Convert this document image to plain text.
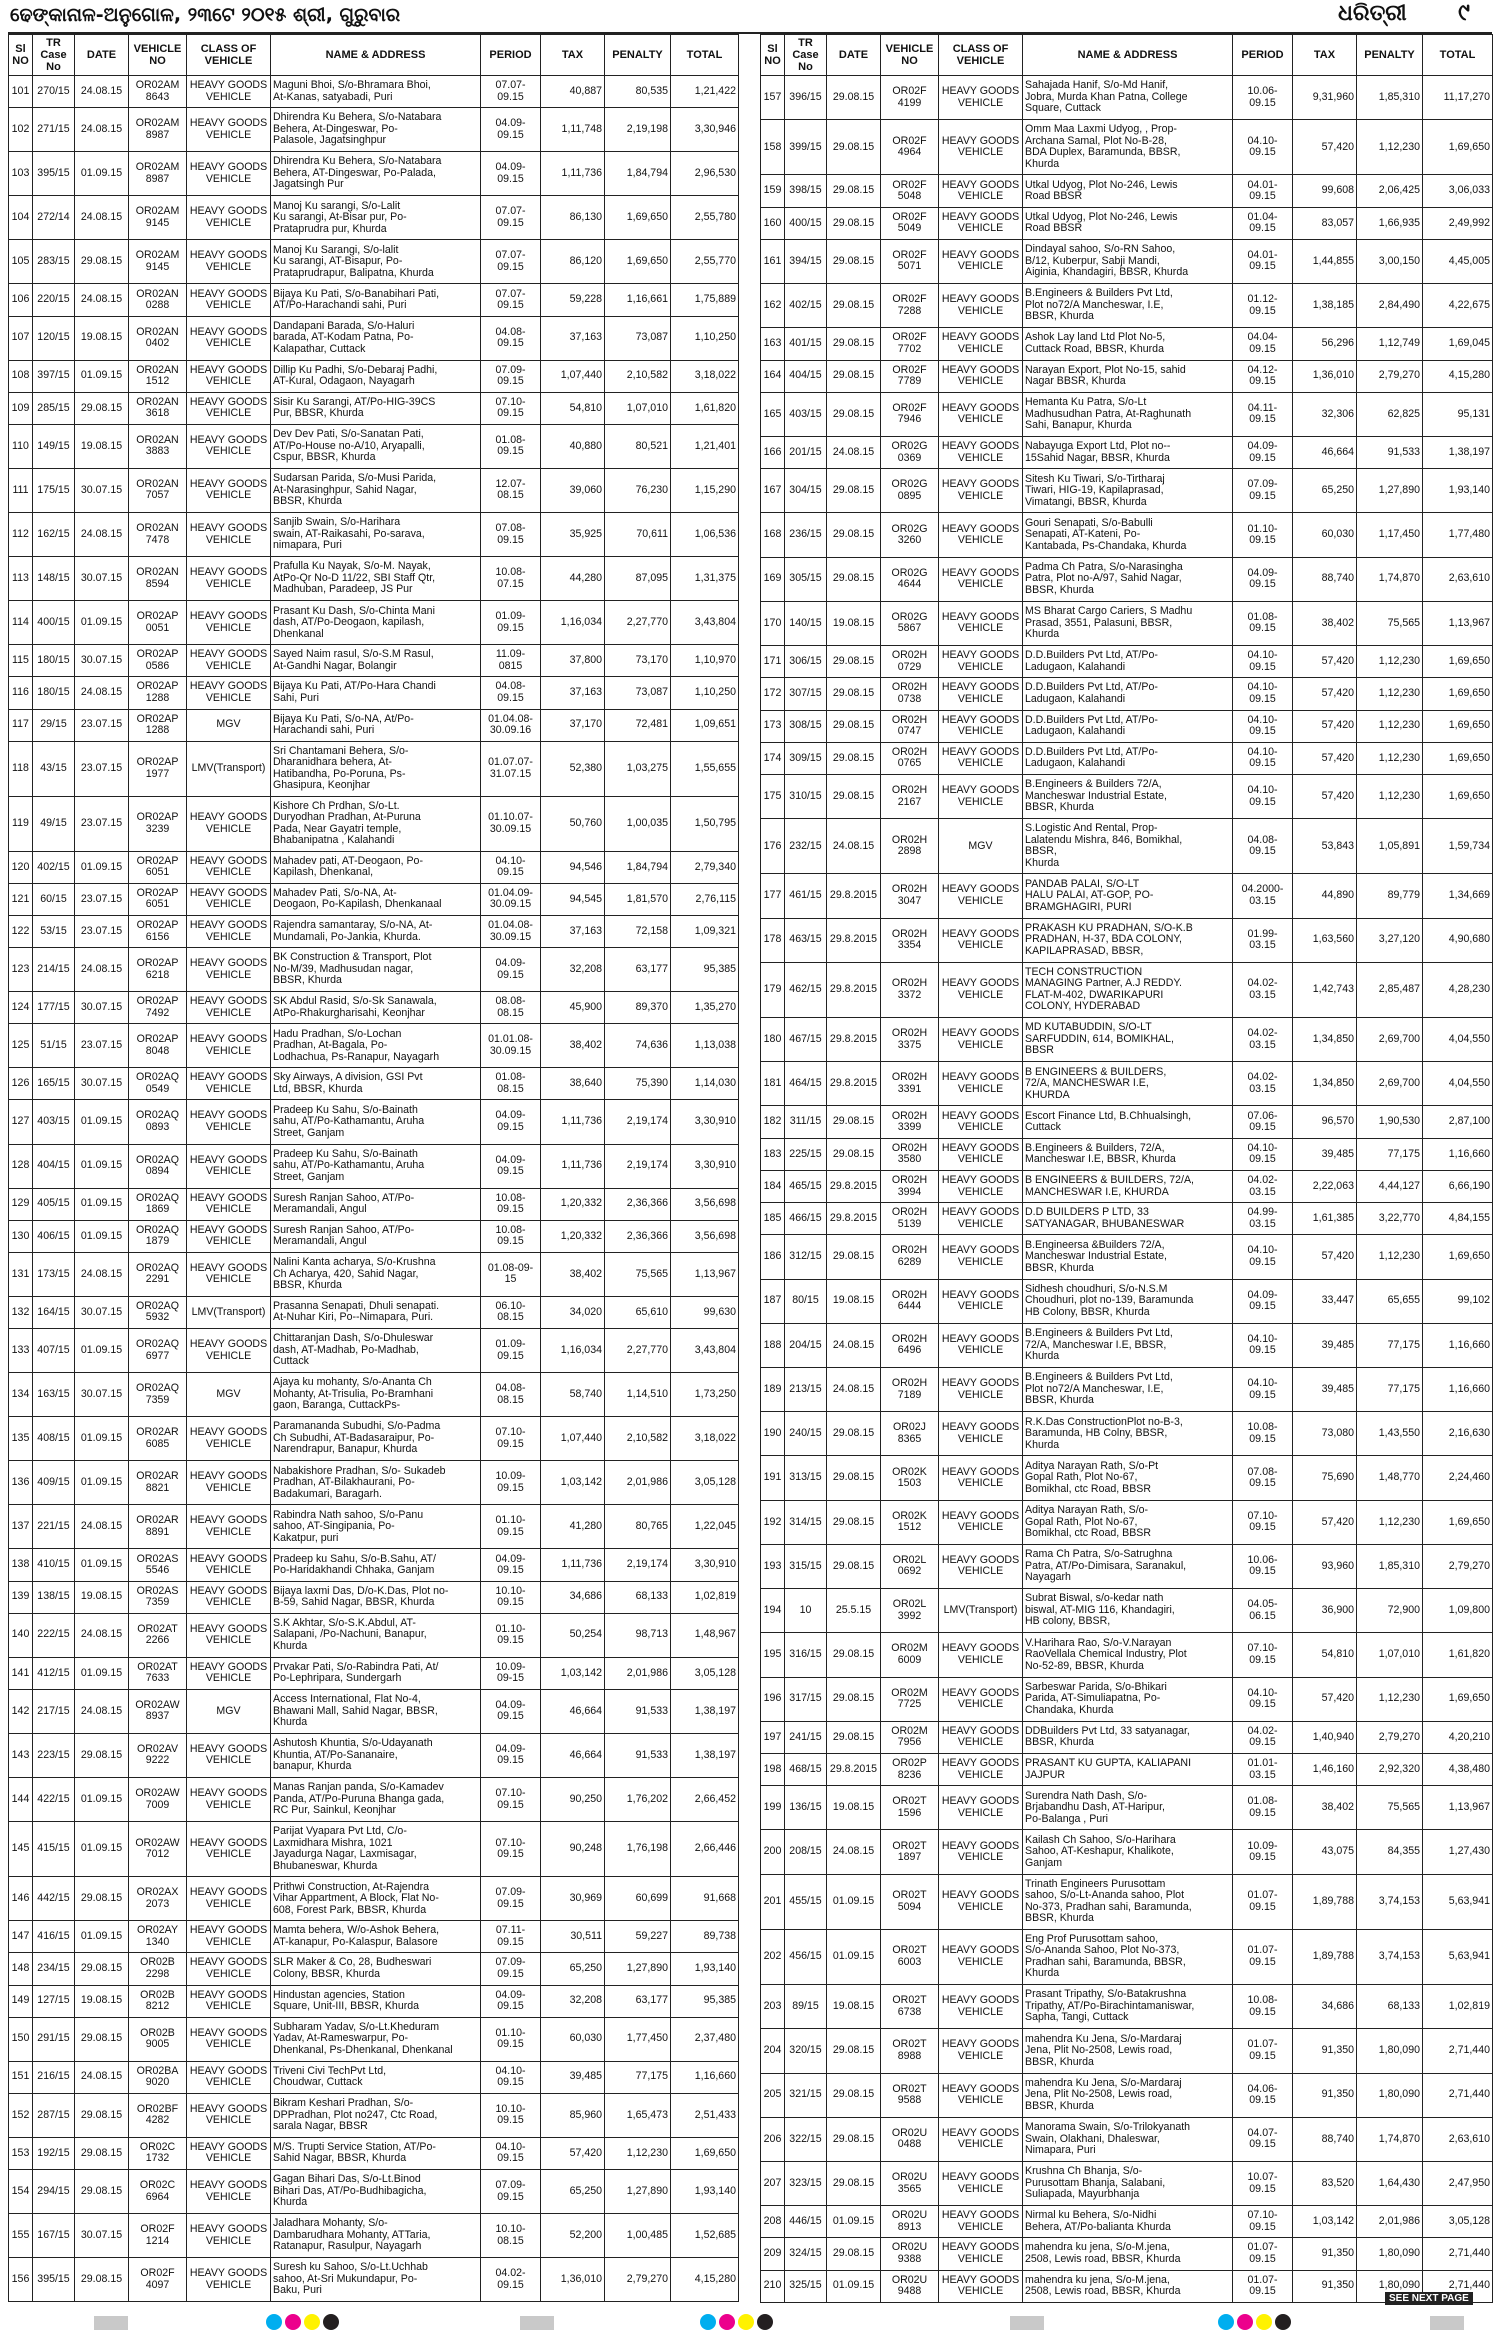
ଢେଙ୍କାନାଳ-ଅନୁଗୋଳ, ୨୩ଟେ ୨୦୧୫ ଶ୍ରୀ, ଗୁରୁବାର	ଧରିତ୍ରୀ	୯
Sl NO	TR Case No	DATE	VEHICLE NO	CLASS OF VEHICLE	NAME & ADDRESS	PERIOD	TAX	PENALTY	TOTAL
101	270/15	24.08.15	OR02AM
8643	HEAVY GOODS
VEHICLE	Maguni Bhoi, S/o-Bhramara Bhoi,
At-Kanas, satyabadi, Puri	07.07-
09.15	40,887	80,535	1,21,422
102	271/15	24.08.15	OR02AM
8987	HEAVY GOODS
VEHICLE	Dhirendra Ku Behera, S/o-Natabara
Behera, At-Dingeswar, Po-
Palasole, Jagatsinghpur	04.09-
09.15	1,11,748	2,19,198	3,30,946
103	395/15	01.09.15	OR02AM
8987	HEAVY GOODS
VEHICLE	Dhirendra Ku Behera, S/o-Natabara
Behera, AT-Dingeswar, Po-Palada,
Jagatsingh Pur	04.09-
09.15	1,11,736	1,84,794	2,96,530
104	272/14	24.08.15	OR02AM
9145	HEAVY GOODS
VEHICLE	Manoj Ku sarangi, S/o-Lalit
Ku sarangi, At-Bisar pur, Po-
Prataprudra pur, Khurda	07.07-
09.15	86,130	1,69,650	2,55,780
105	283/15	29.08.15	OR02AM
9145	HEAVY GOODS
VEHICLE	Manoj Ku Sarangi, S/o-lalit
Ku sarangi, AT-Bisapur, Po-
Prataprudrapur, Balipatna, Khurda	07.07-
09.15	86,120	1,69,650	2,55,770
106	220/15	24.08.15	OR02AN
0288	HEAVY GOODS
VEHICLE	Bijaya Ku Pati, S/o-Banabihari Pati,
AT/Po-Harachandi sahi, Puri	07.07-
09.15	59,228	1,16,661	1,75,889
107	120/15	19.08.15	OR02AN
0402	HEAVY GOODS
VEHICLE	Dandapani Barada, S/o-Haluri
barada, AT-Kodam Patna, Po-
Kalapathar, Cuttack	04.08-
09.15	37,163	73,087	1,10,250
108	397/15	01.09.15	OR02AN
1512	HEAVY GOODS
VEHICLE	Dillip Ku Padhi, S/o-Debaraj Padhi,
AT-Kural, Odagaon, Nayagarh	07.09-
09.15	1,07,440	2,10,582	3,18,022
109	285/15	29.08.15	OR02AN
3618	HEAVY GOODS
VEHICLE	Sisir Ku Sarangi, AT/Po-HIG-39CS
Pur, BBSR, Khurda	07.10-
09.15	54,810	1,07,010	1,61,820
110	149/15	19.08.15	OR02AN
3883	HEAVY GOODS
VEHICLE	Dev Dev Pati, S/o-Sanatan Pati,
AT/Po-House no-A/10, Aryapalli,
Cspur, BBSR, Khurda	01.08-
09.15	40,880	80,521	1,21,401
111	175/15	30.07.15	OR02AN
7057	HEAVY GOODS
VEHICLE	Sudarsan Parida, S/o-Musi Parida,
At-Narasinghpur, Sahid Nagar,
BBSR, Khurda	12.07-
08.15	39,060	76,230	1,15,290
112	162/15	24.08.15	OR02AN
7478	HEAVY GOODS
VEHICLE	Sanjib Swain, S/o-Harihara
swain, AT-Raikasahi, Po-sarava,
nimapara, Puri	07.08-
09.15	35,925	70,611	1,06,536
113	148/15	30.07.15	OR02AN
8594	HEAVY GOODS
VEHICLE	Prafulla Ku Nayak, S/o-M. Nayak,
AtPo-Qr No-D 11/22, SBI Staff Qtr,
Madhuban, Paradeep, JS Pur	10.08-
07.15	44,280	87,095	1,31,375
114	400/15	01.09.15	OR02AP
0051	HEAVY GOODS
VEHICLE	Prasant Ku Dash, S/o-Chinta Mani
dash, AT/Po-Deogaon, kapilash,
Dhenkanal	01.09-
09.15	1,16,034	2,27,770	3,43,804
115	180/15	30.07.15	OR02AP
0586	HEAVY GOODS
VEHICLE	Sayed Naim rasul, S/o-S.M Rasul,
At-Gandhi Nagar, Bolangir	11.09-
0815	37,800	73,170	1,10,970
116	180/15	24.08.15	OR02AP
1288	HEAVY GOODS
VEHICLE	Bijaya Ku Pati, AT/Po-Hara Chandi
Sahi, Puri	04.08-
09.15	37,163	73,087	1,10,250
117	29/15	23.07.15	OR02AP
1288	MGV	Bijaya Ku Pati, S/o-NA, At/Po-
Harachandi sahi, Puri	01.04.08-
30.09.16	37,170	72,481	1,09,651
118	43/15	23.07.15	OR02AP
1977	LMV(Transport)	Sri Chantamani Behera, S/o-
Dharanidhara behera, At-
Hatibandha, Po-Poruna, Ps-
Ghasipura, Keonjhar	01.07.07-
31.07.15	52,380	1,03,275	1,55,655
119	49/15	23.07.15	OR02AP
3239	HEAVY GOODS
VEHICLE	Kishore Ch Prdhan, S/o-Lt.
Duryodhan Pradhan, At-Puruna
Pada, Near Gayatri temple,
Bhabanipatna , Kalahandi	01.10.07-
30.09.15	50,760	1,00,035	1,50,795
120	402/15	01.09.15	OR02AP
6051	HEAVY GOODS
VEHICLE	Mahadev pati, AT-Deogaon, Po-
Kapilash, Dhenkanal,	04.10-
09.15	94,546	1,84,794	2,79,340
121	60/15	23.07.15	OR02AP
6051	HEAVY GOODS
VEHICLE	Mahadev Pati, S/o-NA, At-
Deogaon, Po-Kapilash, Dhenkanaal	01.04.09-
30.09.15	94,545	1,81,570	2,76,115
122	53/15	23.07.15	OR02AP
6156	HEAVY GOODS
VEHICLE	Rajendra samantaray, S/o-NA, At-
Mundamali, Po-Jankia, Khurda.	01.04.08-
30.09.15	37,163	72,158	1,09,321
123	214/15	24.08.15	OR02AP
6218	HEAVY GOODS
VEHICLE	BK Construction & Transport, Plot
No-M/39, Madhusudan nagar,
BBSR, Khurda	04.09-
09.15	32,208	63,177	95,385
124	177/15	30.07.15	OR02AP
7492	HEAVY GOODS
VEHICLE	SK Abdul Rasid, S/o-Sk Sanawala,
AtPo-Rhakurgharisahi, Keonjhar	08.08-
08.15	45,900	89,370	1,35,270
125	51/15	23.07.15	OR02AP
8048	HEAVY GOODS
VEHICLE	Hadu Pradhan, S/o-Lochan
Pradhan, At-Bagala, Po-
Lodhachua, Ps-Ranapur, Nayagarh	01.01.08-
30.09.15	38,402	74,636	1,13,038
126	165/15	30.07.15	OR02AQ
0549	HEAVY GOODS
VEHICLE	Sky Airways, A division, GSI Pvt
Ltd, BBSR, Khurda	01.08-
08.15	38,640	75,390	1,14,030
127	403/15	01.09.15	OR02AQ
0893	HEAVY GOODS
VEHICLE	Pradeep Ku Sahu, S/o-Bainath
sahu, AT/Po-Kathamantu, Aruha
Street, Ganjam	04.09-
09.15	1,11,736	2,19,174	3,30,910
128	404/15	01.09.15	OR02AQ
0894	HEAVY GOODS
VEHICLE	Pradeep Ku Sahu, S/o-Bainath
sahu, AT/Po-Kathamantu, Aruha
Street, Ganjam	04.09-
09.15	1,11,736	2,19,174	3,30,910
129	405/15	01.09.15	OR02AQ
1869	HEAVY GOODS
VEHICLE	Suresh Ranjan Sahoo, AT/Po-
Meramandali, Angul	10.08-
09.15	1,20,332	2,36,366	3,56,698
130	406/15	01.09.15	OR02AQ
1879	HEAVY GOODS
VEHICLE	Suresh Ranjan Sahoo, AT/Po-
Meramandali, Angul	10.08-
09.15	1,20,332	2,36,366	3,56,698
131	173/15	24.08.15	OR02AQ
2291	HEAVY GOODS
VEHICLE	Nalini Kanta acharya, S/o-Krushna
Ch Acharya, 420, Sahid Nagar,
BBSR, Khurda	01.08-09-
15	38,402	75,565	1,13,967
132	164/15	30.07.15	OR02AQ
5932	LMV(Transport)	Prasanna Senapati, Dhuli senapati.
At-Nuhar Kiri, Po--Nimapara, Puri.	06.10-
08.15	34,020	65,610	99,630
133	407/15	01.09.15	OR02AQ
6977	HEAVY GOODS
VEHICLE	Chittaranjan Dash, S/o-Dhuleswar
dash, AT-Madhab, Po-Madhab,
Cuttack	01.09-
09.15	1,16,034	2,27,770	3,43,804
134	163/15	30.07.15	OR02AQ
7359	MGV	Ajaya ku mohanty, S/o-Ananta Ch
Mohanty, At-Trisulia, Po-Bramhani
gaon, Baranga, CuttackPs-	04.08-
08.15	58,740	1,14,510	1,73,250
135	408/15	01.09.15	OR02AR
6085	HEAVY GOODS
VEHICLE	Paramananda Subudhi, S/o-Padma
Ch Subudhi, AT-Badasaraipur, Po-
Narendrapur, Banapur, Khurda	07.10-
09.15	1,07,440	2,10,582	3,18,022
136	409/15	01.09.15	OR02AR
8821	HEAVY GOODS
VEHICLE	Nabakishore Pradhan, S/o- Sukadeb
Pradhan, AT-Bilakhaurani, Po-
Badakumari, Baragarh.	10.09-
09.15	1,03,142	2,01,986	3,05,128
137	221/15	24.08.15	OR02AR
8891	HEAVY GOODS
VEHICLE	Rabindra Nath sahoo, S/o-Panu
sahoo, AT-Singipania, Po-
Kakatpur, puri	01.10-
09.15	41,280	80,765	1,22,045
138	410/15	01.09.15	OR02AS
5546	HEAVY GOODS
VEHICLE	Pradeep ku Sahu, S/o-B.Sahu, AT/
Po-Haridakhandi Chhaka, Ganjam	04.09-
09.15	1,11,736	2,19,174	3,30,910
139	138/15	19.08.15	OR02AS
7359	HEAVY GOODS
VEHICLE	Bijaya laxmi Das, D/o-K.Das, Plot no-
B-59, Sahid Nagar, BBSR, Khurda	10.10-
09.15	34,686	68,133	1,02,819
140	222/15	24.08.15	OR02AT
2266	HEAVY GOODS
VEHICLE	S.K Akhtar, S/o-S.K.Abdul, AT-
Salapani, /Po-Nachuni, Banapur,
Khurda	01.10-
09.15	50,254	98,713	1,48,967
141	412/15	01.09.15	OR02AT
7633	HEAVY GOODS
VEHICLE	Prvakar Pati, S/o-Rabindra Pati, At/
Po-Lephripara, Sundergarh	10.09-
09-15	1,03,142	2,01,986	3,05,128
142	217/15	24.08.15	OR02AW
8937	MGV	Access International, Flat No-4,
Bhawani Mall, Sahid Nagar, BBSR,
Khurda	04.09-
09.15	46,664	91,533	1,38,197
143	223/15	29.08.15	OR02AV
9222	HEAVY GOODS
VEHICLE	Ashutosh Khuntia, S/o-Udayanath
Khuntia, AT/Po-Sananaire,
banapur, Khurda	04.09-
09.15	46,664	91,533	1,38,197
144	422/15	01.09.15	OR02AW
7009	HEAVY GOODS
VEHICLE	Manas Ranjan panda, S/o-Kamadev
Panda, AT/Po-Puruna Bhanga gada,
RC Pur, Sainkul, Keonjhar	07.10-
09.15	90,250	1,76,202	2,66,452
145	415/15	01.09.15	OR02AW
7012	HEAVY GOODS
VEHICLE	Parijat Vyapara Pvt Ltd, C/o-
Laxmidhara Mishra, 1021
Jayadurga Nagar, Laxmisagar,
Bhubaneswar, Khurda	07.10-
09.15	90,248	1,76,198	2,66,446
146	442/15	29.08.15	OR02AX
2073	HEAVY GOODS
VEHICLE	Prithwi Construction, At-Rajendra
Vihar Appartment, A Block, Flat No-
608, Forest Park, BBSR, Khurda	07.09-
09.15	30,969	60,699	91,668
147	416/15	01.09.15	OR02AY
1340	HEAVY GOODS
VEHICLE	Mamta behera, W/o-Ashok Behera,
AT-kanapur, Po-Kalaspur, Balasore	07.11-
09.15	30,511	59,227	89,738
148	234/15	29.08.15	OR02B
2298	HEAVY GOODS
VEHICLE	SLR Maker & Co, 28, Budheswari
Colony, BBSR, Khurda	07.09-
09.15	65,250	1,27,890	1,93,140
149	127/15	19.08.15	OR02B
8212	HEAVY GOODS
VEHICLE	Hindustan agencies, Station
Square, Unit-III, BBSR, Khurda	04.09-
09.15	32,208	63,177	95,385
150	291/15	29.08.15	OR02B
9005	HEAVY GOODS
VEHICLE	Subharam Yadav, S/o-Lt.Kheduram
Yadav, At-Rameswarpur, Po-
Dhenkanal, Ps-Dhenkanal, Dhenkanal	01.10-
09.15	60,030	1,77,450	2,37,480
151	216/15	24.08.15	OR02BA
9020	HEAVY GOODS
VEHICLE	Triveni Civi TechPvt Ltd,
Choudwar, Cuttack	04.10-
09.15	39,485	77,175	1,16,660
152	287/15	29.08.15	OR02BF
4282	HEAVY GOODS
VEHICLE	Bikram Keshari Pradhan, S/o-
DPPradhan, Plot no247, Ctc Road,
sarala Nagar, BBSR	10.10-
09.15	85,960	1,65,473	2,51,433
153	192/15	29.08.15	OR02C
1732	HEAVY GOODS
VEHICLE	M/S. Trupti Service Station, AT/Po-
Sahid Nagar, BBSR, Khurda	04.10-
09.15	57,420	1,12,230	1,69,650
154	294/15	29.08.15	OR02C
6964	HEAVY GOODS
VEHICLE	Gagan Bihari Das, S/o-Lt.Binod
Bihari Das, AT/Po-Budhibagicha,
Khurda	07.09-
09.15	65,250	1,27,890	1,93,140
155	167/15	30.07.15	OR02F
1214	HEAVY GOODS
VEHICLE	Jaladhara Mohanty, S/o-
Dambarudhara Mohanty, ATTaria,
Ratanapur, Rasulpur, Nayagarh	10.10-
08.15	52,200	1,00,485	1,52,685
156	395/15	29.08.15	OR02F
4097	HEAVY GOODS
VEHICLE	Suresh ku Sahoo, S/o-Lt.Uchhab
sahoo, At-Sri Mukundapur, Po-
Baku, Puri	04.02-
09.15	1,36,010	2,79,270	4,15,280
Sl NO	TR Case No	DATE	VEHICLE NO	CLASS OF VEHICLE	NAME & ADDRESS	PERIOD	TAX	PENALTY	TOTAL
157	396/15	29.08.15	OR02F
4199	HEAVY GOODS
VEHICLE	Sahajada Hanif, S/o-Md Hanif,
Jobra, Murda Khan Patna, College
Square, Cuttack	10.06-
09.15	9,31,960	1,85,310	11,17,270
158	399/15	29.08.15	OR02F
4964	HEAVY GOODS
VEHICLE	Omm Maa Laxmi Udyog, , Prop-
Archana Samal, Plot No-B-28,
BDA Duplex, Baramunda, BBSR,
Khurda	04.10-
09.15	57,420	1,12,230	1,69,650
159	398/15	29.08.15	OR02F
5048	HEAVY GOODS
VEHICLE	Utkal Udyog, Plot No-246, Lewis
Road BBSR	04.01-
09.15	99,608	2,06,425	3,06,033
160	400/15	29.08.15	OR02F
5049	HEAVY GOODS
VEHICLE	Utkal Udyog, Plot No-246, Lewis
Road BBSR	01.04-
09.15	83,057	1,66,935	2,49,992
161	394/15	29.08.15	OR02F
5071	HEAVY GOODS
VEHICLE	Dindayal sahoo, S/o-RN Sahoo,
B/12, Kuberpur, Sabji Mandi,
Aiginia, Khandagiri, BBSR, Khurda	04.01-
09.15	1,44,855	3,00,150	4,45,005
162	402/15	29.08.15	OR02F
7288	HEAVY GOODS
VEHICLE	B.Engineers & Builders Pvt Ltd,
Plot no72/A Mancheswar, I.E,
BBSR, Khurda	01.12-
09.15	1,38,185	2,84,490	4,22,675
163	401/15	29.08.15	OR02F
7702	HEAVY GOODS
VEHICLE	Ashok Lay land Ltd Plot No-5,
Cuttack Road, BBSR, Khurda	04.04-
09.15	56,296	1,12,749	1,69,045
164	404/15	29.08.15	OR02F
7789	HEAVY GOODS
VEHICLE	Narayan Export, Plot No-15, sahid
Nagar BBSR, Khurda	04.12-
09.15	1,36,010	2,79,270	4,15,280
165	403/15	29.08.15	OR02F
7946	HEAVY GOODS
VEHICLE	Hemanta Ku Patra, S/o-Lt
Madhusudhan Patra, At-Raghunath
Sahi, Banapur, Khurda	04.11-
09.15	32,306	62,825	95,131
166	201/15	24.08.15	OR02G
0369	HEAVY GOODS
VEHICLE	Nabayuga Export Ltd, Plot no--
15Sahid Nagar, BBSR, Khurda	04.09-
09.15	46,664	91,533	1,38,197
167	304/15	29.08.15	OR02G
0895	HEAVY GOODS
VEHICLE	Sitesh Ku Tiwari, S/o-Tirtharaj
Tiwari, HIG-19, Kapilaprasad,
Vimatangi, BBSR, Khurda	07.09-
09.15	65,250	1,27,890	1,93,140
168	236/15	29.08.15	OR02G
3260	HEAVY GOODS
VEHICLE	Gouri Senapati, S/o-Babulli
Senapati, AT-Kateni, Po-
Kantabada, Ps-Chandaka, Khurda	01.10-
09.15	60,030	1,17,450	1,77,480
169	305/15	29.08.15	OR02G
4644	HEAVY GOODS
VEHICLE	Padma Ch Patra, S/o-Narasingha
Patra, Plot no-A/97, Sahid Nagar,
BBSR, Khurda	04.09-
09.15	88,740	1,74,870	2,63,610
170	140/15	19.08.15	OR02G
5867	HEAVY GOODS
VEHICLE	MS Bharat Cargo Cariers, S Madhu
Prasad, 3551, Palasuni, BBSR,
Khurda	01.08-
09.15	38,402	75,565	1,13,967
171	306/15	29.08.15	OR02H
0729	HEAVY GOODS
VEHICLE	D.D.Builders Pvt Ltd, AT/Po-
Ladugaon, Kalahandi	04.10-
09.15	57,420	1,12,230	1,69,650
172	307/15	29.08.15	OR02H
0738	HEAVY GOODS
VEHICLE	D.D.Builders Pvt Ltd, AT/Po-
Ladugaon, Kalahandi	04.10-
09.15	57,420	1,12,230	1,69,650
173	308/15	29.08.15	OR02H
0747	HEAVY GOODS
VEHICLE	D.D.Builders Pvt Ltd, AT/Po-
Ladugaon, Kalahandi	04.10-
09.15	57,420	1,12,230	1,69,650
174	309/15	29.08.15	OR02H
0765	HEAVY GOODS
VEHICLE	D.D.Builders Pvt Ltd, AT/Po-
Ladugaon, Kalahandi	04.10-
09.15	57,420	1,12,230	1,69,650
175	310/15	29.08.15	OR02H
2167	HEAVY GOODS
VEHICLE	B.Engineers & Builders 72/A,
Mancheswar Industrial Estate,
BBSR, Khurda	04.10-
09.15	57,420	1,12,230	1,69,650
176	232/15	24.08.15	OR02H
2898	MGV	S.Logistic And Rental, Prop-
Lalatendu Mishra, 846, Bomikhal,
BBSR,
Khurda	04.08-
09.15	53,843	1,05,891	1,59,734
177	461/15	29.8.2015	OR02H
3047	HEAVY GOODS
VEHICLE	PANDAB PALAI, S/O-LT
HALU PALAI, AT-GOP, PO-
BRAMGHAGIRI, PURI	04.2000-
03.15	44,890	89,779	1,34,669
178	463/15	29.8.2015	OR02H
3354	HEAVY GOODS
VEHICLE	PRAKASH KU PRADHAN, S/O-K.B
PRADHAN, H-37, BDA COLONY,
KAPILAPRASAD, BBSR,	01.99-
03.15	1,63,560	3,27,120	4,90,680
179	462/15	29.8.2015	OR02H
3372	HEAVY GOODS
VEHICLE	TECH CONSTRUCTION
MANAGING Partner, A.J REDDY.
FLAT-M-402, DWARIKAPURI
COLONY, HYDERABAD	04.02-
03.15	1,42,743	2,85,487	4,28,230
180	467/15	29.8.2015	OR02H
3375	HEAVY GOODS
VEHICLE	MD KUTABUDDIN, S/O-LT
SARFUDDIN, 614, BOMIKHAL,
BBSR	04.02-
03.15	1,34,850	2,69,700	4,04,550
181	464/15	29.8.2015	OR02H
3391	HEAVY GOODS
VEHICLE	B ENGINEERS & BUILDERS,
72/A, MANCHESWAR I.E,
KHURDA	04.02-
03.15	1,34,850	2,69,700	4,04,550
182	311/15	29.08.15	OR02H
3399	HEAVY GOODS
VEHICLE	Escort Finance Ltd, B.Chhualsingh,
Cuttack	07.06-
09.15	96,570	1,90,530	2,87,100
183	225/15	29.08.15	OR02H
3580	HEAVY GOODS
VEHICLE	B.Engineers & Builders, 72/A,
Mancheswar I.E, BBSR, Khurda	04.10-
09.15	39,485	77,175	1,16,660
184	465/15	29.8.2015	OR02H
3994	HEAVY GOODS
VEHICLE	B ENGINEERS & BUILDERS, 72/A,
MANCHESWAR I.E, KHURDA	04.02-
03.15	2,22,063	4,44,127	6,66,190
185	466/15	29.8.2015	OR02H
5139	HEAVY GOODS
VEHICLE	D.D BUILDERS P LTD, 33
SATYANAGAR, BHUBANESWAR	04.99-
03.15	1,61,385	3,22,770	4,84,155
186	312/15	29.08.15	OR02H
6289	HEAVY GOODS
VEHICLE	B.Engineersa &Builders 72/A,
Mancheswar Industrial Estate,
BBSR, Khurda	04.10-
09.15	57,420	1,12,230	1,69,650
187	80/15	19.08.15	OR02H
6444	HEAVY GOODS
VEHICLE	Sidhesh choudhuri, S/o-N.S.M
Choudhuri, plot no-139, Baramunda
HB Colony, BBSR, Khurda	04.09-
09.15	33,447	65,655	99,102
188	204/15	24.08.15	OR02H
6496	HEAVY GOODS
VEHICLE	B.Engineers & Builders Pvt Ltd,
72/A, Mancheswar I.E, BBSR,
Khurda	04.10-
09.15	39,485	77,175	1,16,660
189	213/15	24.08.15	OR02H
7189	HEAVY GOODS
VEHICLE	B.Engineers & Builders Pvt Ltd,
Plot no72/A Mancheswar, I.E,
BBSR, Khurda	04.10-
09.15	39,485	77,175	1,16,660
190	240/15	29.08.15	OR02J
8365	HEAVY GOODS
VEHICLE	R.K.Das ConstructionPlot no-B-3,
Baramunda, HB Colny, BBSR,
Khurda	10.08-
09.15	73,080	1,43,550	2,16,630
191	313/15	29.08.15	OR02K
1503	HEAVY GOODS
VEHICLE	Aditya Narayan Rath, S/o-Pt
Gopal Rath, Plot No-67,
Bomikhal, ctc Road, BBSR	07.08-
09.15	75,690	1,48,770	2,24,460
192	314/15	29.08.15	OR02K
1512	HEAVY GOODS
VEHICLE	Aditya Narayan Rath, S/o-
Gopal Rath, Plot No-67,
Bomikhal, ctc Road, BBSR	07.10-
09.15	57,420	1,12,230	1,69,650
193	315/15	29.08.15	OR02L
0692	HEAVY GOODS
VEHICLE	Rama Ch Patra, S/o-Satrughna
Patra, AT/Po-Dimisara, Saranakul,
Nayagarh	10.06-
09.15	93,960	1,85,310	2,79,270
194	10	25.5.15	OR02L
3992	LMV(Transport)	Subrat Biswal, s/o-kedar nath
biswal, AT-MIG 116, Khandagiri,
HB colony, BBSR,	04.05-
06.15	36,900	72,900	1,09,800
195	316/15	29.08.15	OR02M
6009	HEAVY GOODS
VEHICLE	V.Harihara Rao, S/o-V.Narayan
RaoVellala Chemical Industry, Plot
No-52-89, BBSR, Khurda	07.10-
09.15	54,810	1,07,010	1,61,820
196	317/15	29.08.15	OR02M
7725	HEAVY GOODS
VEHICLE	Sarbeswar Parida, S/o-Bhikari
Parida, AT-Simuliapatna, Po-
Chandaka, Khurda	04.10-
09.15	57,420	1,12,230	1,69,650
197	241/15	29.08.15	OR02M
7956	HEAVY GOODS
VEHICLE	DDBuilders Pvt Ltd, 33 satyanagar,
BBSR, Khurda	04.02-
09.15	1,40,940	2,79,270	4,20,210
198	468/15	29.8.2015	OR02P
8236	HEAVY GOODS
VEHICLE	PRASANT KU GUPTA, KALIAPANI
JAJPUR	01.01-
03.15	1,46,160	2,92,320	4,38,480
199	136/15	19.08.15	OR02T
1596	HEAVY GOODS
VEHICLE	Surendra Nath Dash, S/o-
Brjabandhu Dash, AT-Haripur,
Po-Balanga , Puri	01.08-
09.15	38,402	75,565	1,13,967
200	208/15	24.08.15	OR02T
1897	HEAVY GOODS
VEHICLE	Kailash Ch Sahoo, S/o-Harihara
Sahoo, AT-Keshapur, Khalikote,
Ganjam	10.09-
09.15	43,075	84,355	1,27,430
201	455/15	01.09.15	OR02T
5094	HEAVY GOODS
VEHICLE	Trinath Engineers Purusottam
sahoo, S/o-Lt-Ananda sahoo, Plot
No-373, Pradhan sahi, Baramunda,
BBSR, Khurda	01.07-
09.15	1,89,788	3,74,153	5,63,941
202	456/15	01.09.15	OR02T
6003	HEAVY GOODS
VEHICLE	Eng Prof Purusottam sahoo,
S/o-Ananda Sahoo, Plot No-373,
Pradhan sahi, Baramunda, BBSR,
Khurda	01.07-
09.15	1,89,788	3,74,153	5,63,941
203	89/15	19.08.15	OR02T
6738	HEAVY GOODS
VEHICLE	Prasant Tripathy, S/o-Batakrushna
Tripathy, AT/Po-Birachintamaniswar,
Sapha, Tangi, Cuttack	10.08-
09.15	34,686	68,133	1,02,819
204	320/15	29.08.15	OR02T
8988	HEAVY GOODS
VEHICLE	mahendra Ku Jena, S/o-Mardaraj
Jena, Plit No-2508, Lewis road,
BBSR, Khurda	01.07-
09.15	91,350	1,80,090	2,71,440
205	321/15	29.08.15	OR02T
9588	HEAVY GOODS
VEHICLE	mahendra Ku Jena, S/o-Mardaraj
Jena, Plit No-2508, Lewis road,
BBSR, Khurda	04.06-
09.15	91,350	1,80,090	2,71,440
206	322/15	29.08.15	OR02U
0488	HEAVY GOODS
VEHICLE	Manorama Swain, S/o-Trilokyanath
Swain, Olakhani, Dhaleswar,
Nimapara, Puri	04.07-
09.15	88,740	1,74,870	2,63,610
207	323/15	29.08.15	OR02U
3565	HEAVY GOODS
VEHICLE	Krushna Ch Bhanja, S/o-
Purusottam Bhanja, Salabani,
Suliapada, Mayurbhanja	10.07-
09.15	83,520	1,64,430	2,47,950
208	446/15	01.09.15	OR02U
8913	HEAVY GOODS
VEHICLE	Nirmal ku Behera, S/o-Nidhi
Behera, AT/Po-balianta Khurda	07.10-
09.15	1,03,142	2,01,986	3,05,128
209	324/15	29.08.15	OR02U
9388	HEAVY GOODS
VEHICLE	mahendra ku jena, S/o-M.jena,
2508, Lewis road, BBSR, Khurda	01.07-
09.15	91,350	1,80,090	2,71,440
210	325/15	01.09.15	OR02U
9488	HEAVY GOODS
VEHICLE	mahendra ku jena, S/o-M.jena,
2508, Lewis road, BBSR, Khurda	01.07-
09.15	91,350	1,80,090	2,71,440
SEE NEXT PAGE
